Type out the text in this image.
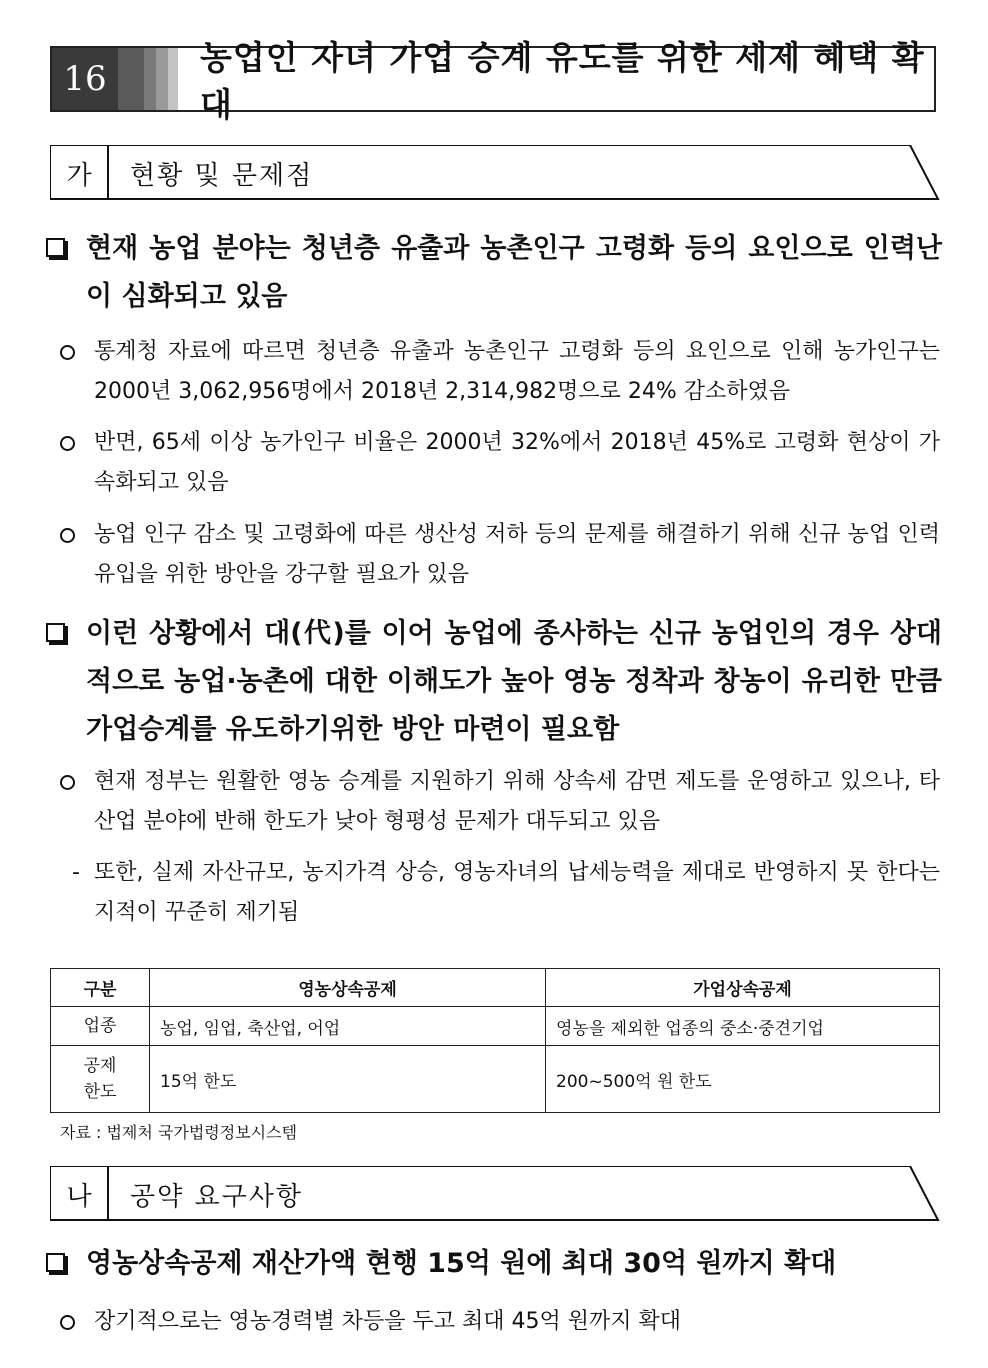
16
농업인 자녀 가업 승계 유도를 위한 세제 혜택 확대
가	현황 및 문제점
현재 농업 분야는 청년층 유출과 농촌인구 고령화 등의 요인으로 인력난이 심화되고 있음
통계청 자료에 따르면 청년층 유출과 농촌인구 고령화 등의 요인으로 인해 농가인구는 2000년 3,062,956명에서 2018년 2,314,982명으로 24% 감소하였음
반면, 65세 이상 농가인구 비율은 2000년 32%에서 2018년 45%로 고령화 현상이 가속화되고 있음
농업 인구 감소 및 고령화에 따른 생산성 저하 등의 문제를 해결하기 위해 신규 농업 인력 유입을 위한 방안을 강구할 필요가 있음
이런 상황에서 대(代)를 이어 농업에 종사하는 신규 농업인의 경우 상대적으로 농업·농촌에 대한 이해도가 높아 영농 정착과 창농이 유리한 만큼 가업승계를 유도하기위한 방안 마련이 필요함
현재 정부는 원활한 영농 승계를 지원하기 위해 상속세 감면 제도를 운영하고 있으나, 타 산업 분야에 반해 한도가 낮아 형평성 문제가 대두되고 있음
- 또한, 실제 자산규모, 농지가격 상승, 영농자녀의 납세능력을 제대로 반영하지 못 한다는 지적이 꾸준히 제기됨
구분	영농상속공제	가업상속공제
업종	농업, 임업, 축산업, 어업	영농을 제외한 업종의 중소·중견기업
공제
한도	15억 한도	200~500억 원 한도
자료 : 법제처 국가법령정보시스템
나	공약 요구사항
영농상속공제 재산가액 현행 15억 원에 최대 30억 원까지 확대
장기적으로는 영농경력별 차등을 두고 최대 45억 원까지 확대
